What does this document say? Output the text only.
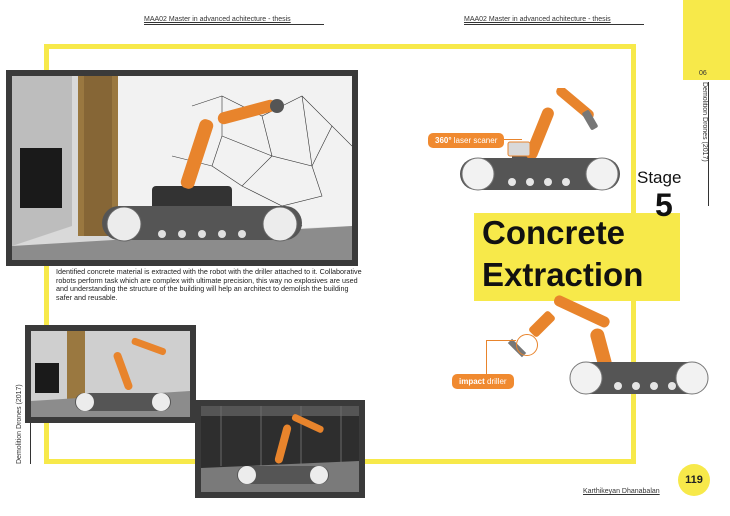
MAA02 Master in advanced achitecture - thesis	MAA02 Master in advanced achitecture - thesis
06
Demolition Drones (2017)
Demolition Drones (2017)
Identified concrete material is extracted with the robot with the driller attached to it. Collaborative robots perform task which are complex with ultimate precision, this way no explosives are used and understanding the structure of the building will help an architect to demolish the building safer and reusable.
360° laser scaner
Concrete
Extraction
Stage
5
impact driller
119
Karthikeyan Dhanabalan
